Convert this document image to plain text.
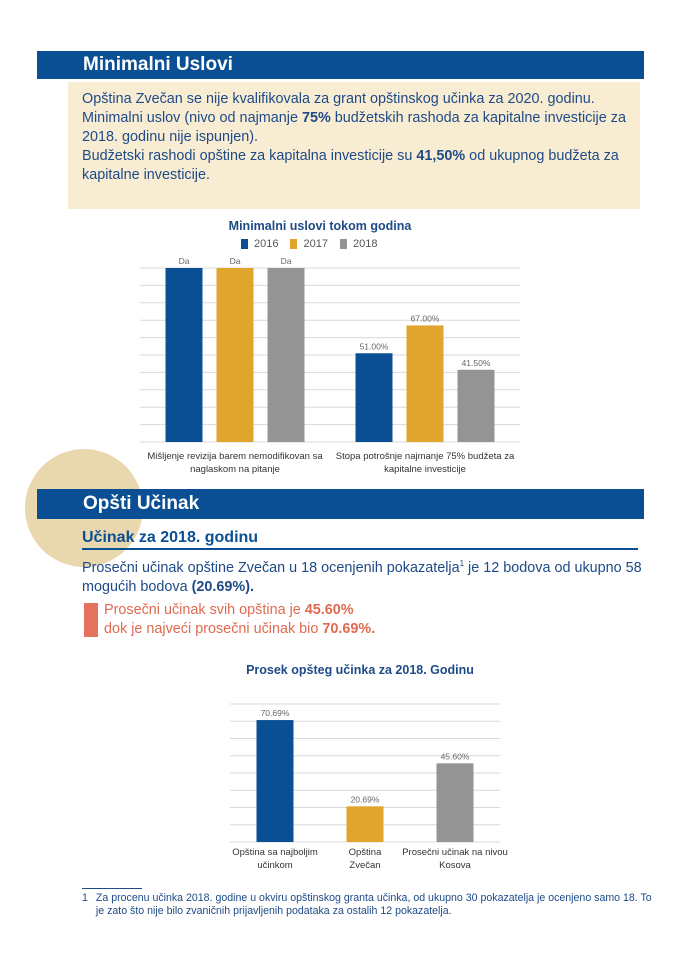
Minimalni Uslovi

Opština Zvečan se nije kvalifikovala za grant opštinskog učinka za 2020. godinu.

Minimalni uslov (nivo od najmanje 75% budžetskih rashoda za kapitalne investicije za 2018. godinu nije ispunjen).

Budžetski rashodi opštine za kapitalna investicije su 41,50% od ukupnog budžeta za kapitalne investicije.

Minimalni uslovi tokom godina
2016 2017 2018
Da	Da	Da
Mišljenje revizija barem nemodifikovan sa
naglaskom na pitanje
51.00%
67.00%
41.50%
Stopa potrošnje najmanje 75% budžeta za
kapitalne investicije
Opšti Učinak
Učinak za 2018. godinu

Prosečni učinak opštine Zvečan u 18 ocenjenih pokazatelja$^1$ je 12 bodova od ukupno 58 mogućih bodova (20.69%).

Prosečni učinak svih opština je 45.60%

dok je najveći prosečni učinak bio 70.69%.

Prosek opšteg učinka za 2018. Godinu
70.69%
Opština sa najboljim
učinkom
20.69%
Opština
Zvečan
45.60%
Prosečni učinak na nivou
Kosova
1 Za procenu učinka 2018. godine u okviru opštinskog granta učinka, od ukupno 30 pokazatelja je ocenjeno samo 18. To je zato što nije bilo zvaničnih prijavljenih podataka za ostalih 12 pokazatelja.
